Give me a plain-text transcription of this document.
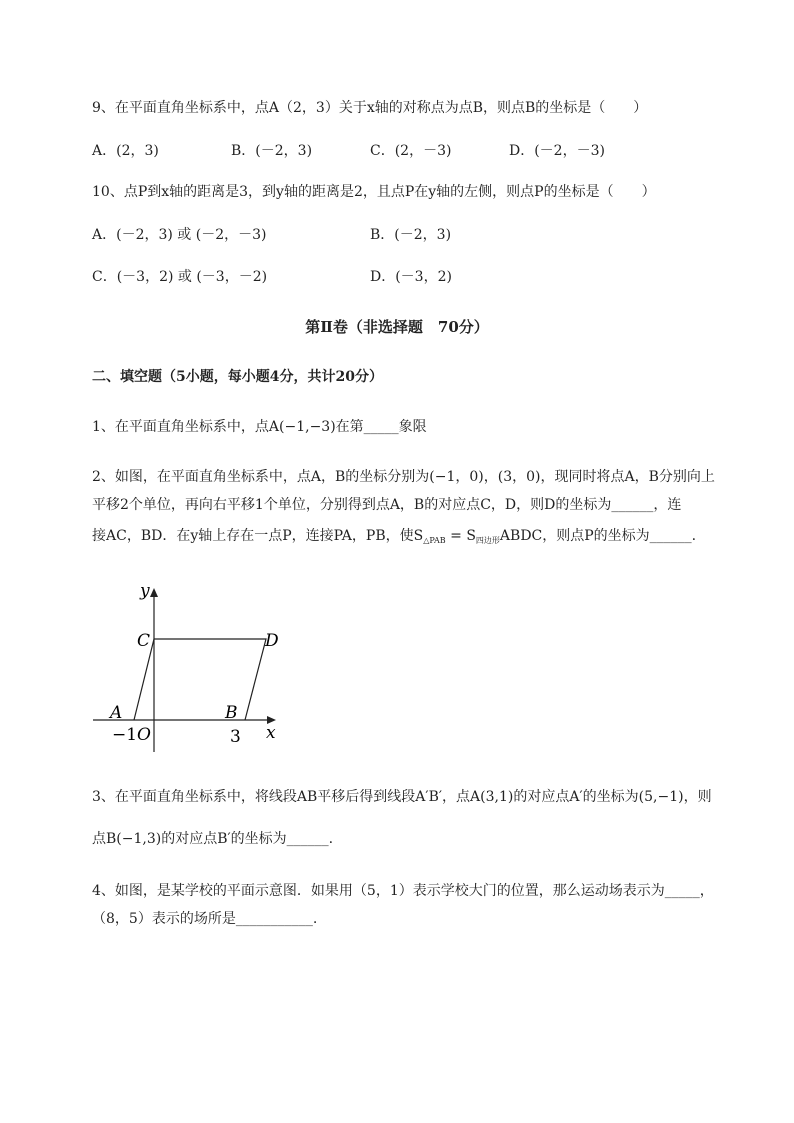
9、在平面直角坐标系中，点A（2，3）关于x轴的对称点为点B，则点B的坐标是（　　）
A．(2，3)	B．(－2，3)	C．(2，－3)	D．(－2，－3)
10、点P到x轴的距离是3，到y轴的距离是2，且点P在y轴的左侧，则点P的坐标是（　　）
A．(－2，3) 或 (－2，－3)	B．(－2，3)
C．(－3，2) 或 (－3，－2)	D．(－3，2)
第Ⅱ卷（非选择题　70分）
二、填空题（5小题，每小题4分，共计20分）
1、在平面直角坐标系中，点A(−1,−3)在第_____象限
2、如图，在平面直角坐标系中，点A，B的坐标分别为(−1，0)，(3，0)，现同时将点A，B分别向上
平移2个单位，再向右平移1个单位，分别得到点A，B的对应点C，D，则D的坐标为______，连
接AC，BD．在y轴上存在一点P，连接PA，PB，使$S_{\triangle PAB}$ = $S_{四边形}ABDC$，则点P的坐标为______.
y
x
C	D
A	B
O
−1	3
3、在平面直角坐标系中，将线段AB平移后得到线段A′B′，点A(3,1)的对应点A′的坐标为(5,−1)，则
点B(−1,3)的对应点B′的坐标为______.
4、如图，是某学校的平面示意图．如果用（5，1）表示学校大门的位置，那么运动场表示为_____，
（8，5）表示的场所是___________.
